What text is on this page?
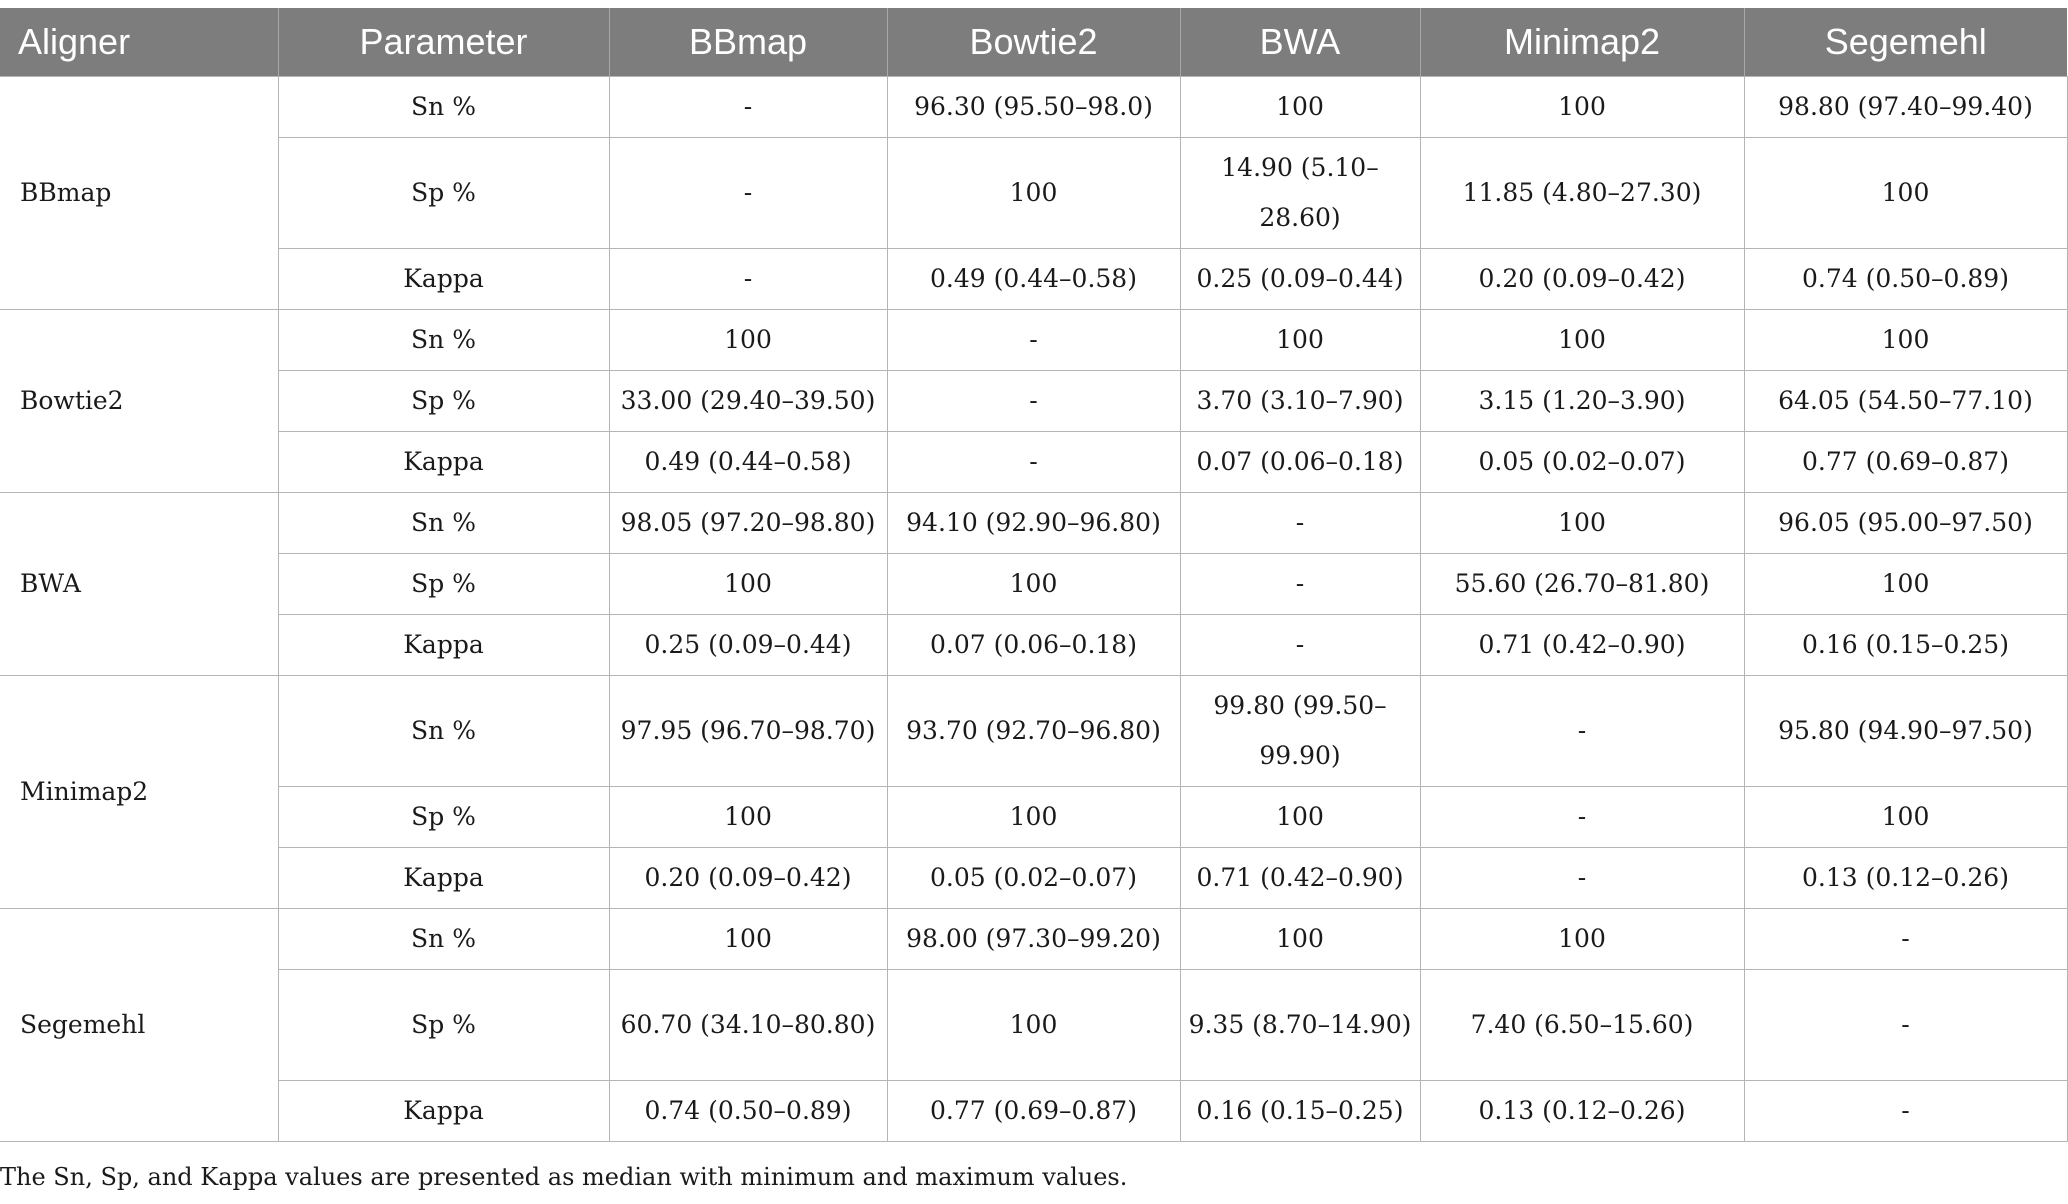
Aligner	Parameter	BBmap	Bowtie2	BWA	Minimap2	Segemehl
BBmap	Sn %	-	96.30 (95.50–98.0)	100	100	98.80 (97.40–99.40)
	Sp %	-	100	14.90 (5.10–28.60)	11.85 (4.80–27.30)	100
	Kappa	-	0.49 (0.44–0.58)	0.25 (0.09–0.44)	0.20 (0.09–0.42)	0.74 (0.50–0.89)
Bowtie2	Sn %	100	-	100	100	100
	Sp %	33.00 (29.40–39.50)	-	3.70 (3.10–7.90)	3.15 (1.20–3.90)	64.05 (54.50–77.10)
	Kappa	0.49 (0.44–0.58)	-	0.07 (0.06–0.18)	0.05 (0.02–0.07)	0.77 (0.69–0.87)
BWA	Sn %	98.05 (97.20–98.80)	94.10 (92.90–96.80)	-	100	96.05 (95.00–97.50)
	Sp %	100	100	-	55.60 (26.70–81.80)	100
	Kappa	0.25 (0.09–0.44)	0.07 (0.06–0.18)	-	0.71 (0.42–0.90)	0.16 (0.15–0.25)
Minimap2	Sn %	97.95 (96.70–98.70)	93.70 (92.70–96.80)	99.80 (99.50–99.90)	-	95.80 (94.90–97.50)
	Sp %	100	100	100	-	100
	Kappa	0.20 (0.09–0.42)	0.05 (0.02–0.07)	0.71 (0.42–0.90)	-	0.13 (0.12–0.26)
Segemehl	Sn %	100	98.00 (97.30–99.20)	100	100	-
	Sp %	60.70 (34.10–80.80)	100	9.35 (8.70–14.90)	7.40 (6.50–15.60)	-
	Kappa	0.74 (0.50–0.89)	0.77 (0.69–0.87)	0.16 (0.15–0.25)	0.13 (0.12–0.26)	-
The Sn, Sp, and Kappa values are presented as median with minimum and maximum values.
